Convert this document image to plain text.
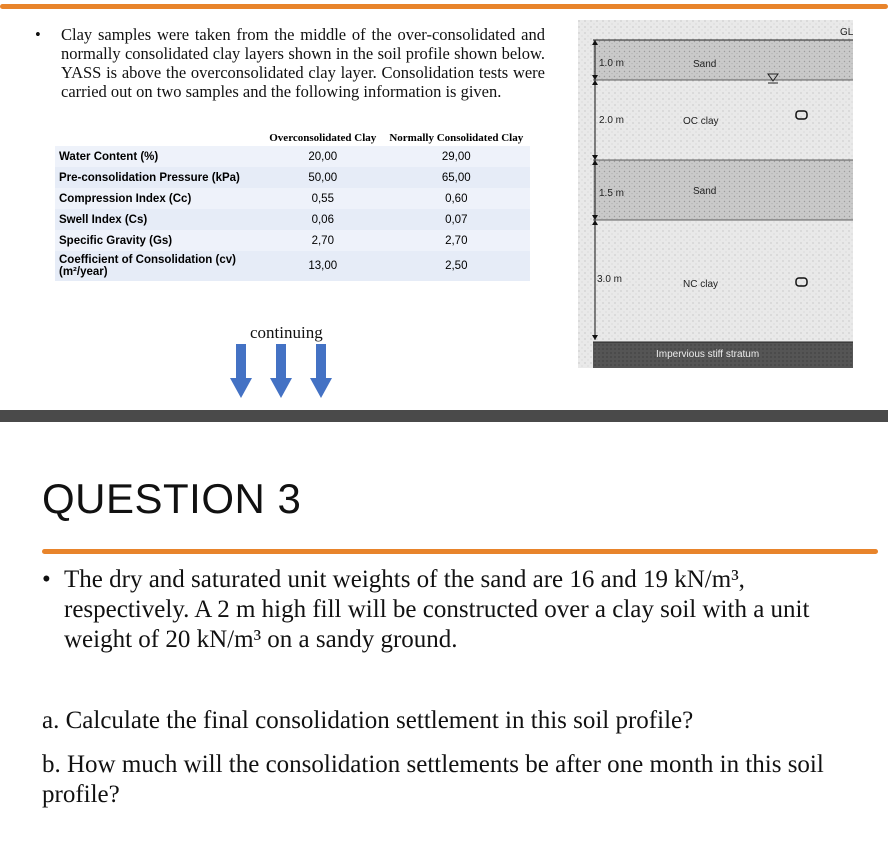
• Clay samples were taken from the middle of the over-consolidated and normally consolidated clay layers shown in the soil profile shown below. YASS is above the overconsolidated clay layer. Consolidation tests were carried out on two samples and the following information is given.
	Overconsolidated Clay	Normally Consolidated Clay
Water Content (%)	20,00	29,00
Pre-consolidation Pressure (kPa)	50,00	65,00
Compression Index (Cc)	0,55	0,60
Swell Index (Cs)	0,06	0,07
Specific Gravity (Gs)	2,70	2,70
Coefficient of Consolidation (cv) (m²/year)	13,00	2,50
continuing
GL
1.0 m	Sand
2.0 m	OC clay
1.5 m	Sand
3.0 m	NC clay
Impervious stiff stratum
QUESTION 3
• The dry and saturated unit weights of the sand are 16 and 19 kN/m³, respectively. A 2 m high fill will be constructed over a clay soil with a unit weight of 20 kN/m³ on a sandy ground.
a. Calculate the final consolidation settlement in this soil profile?
b. How much will the consolidation settlements be after one month in this soil profile?
